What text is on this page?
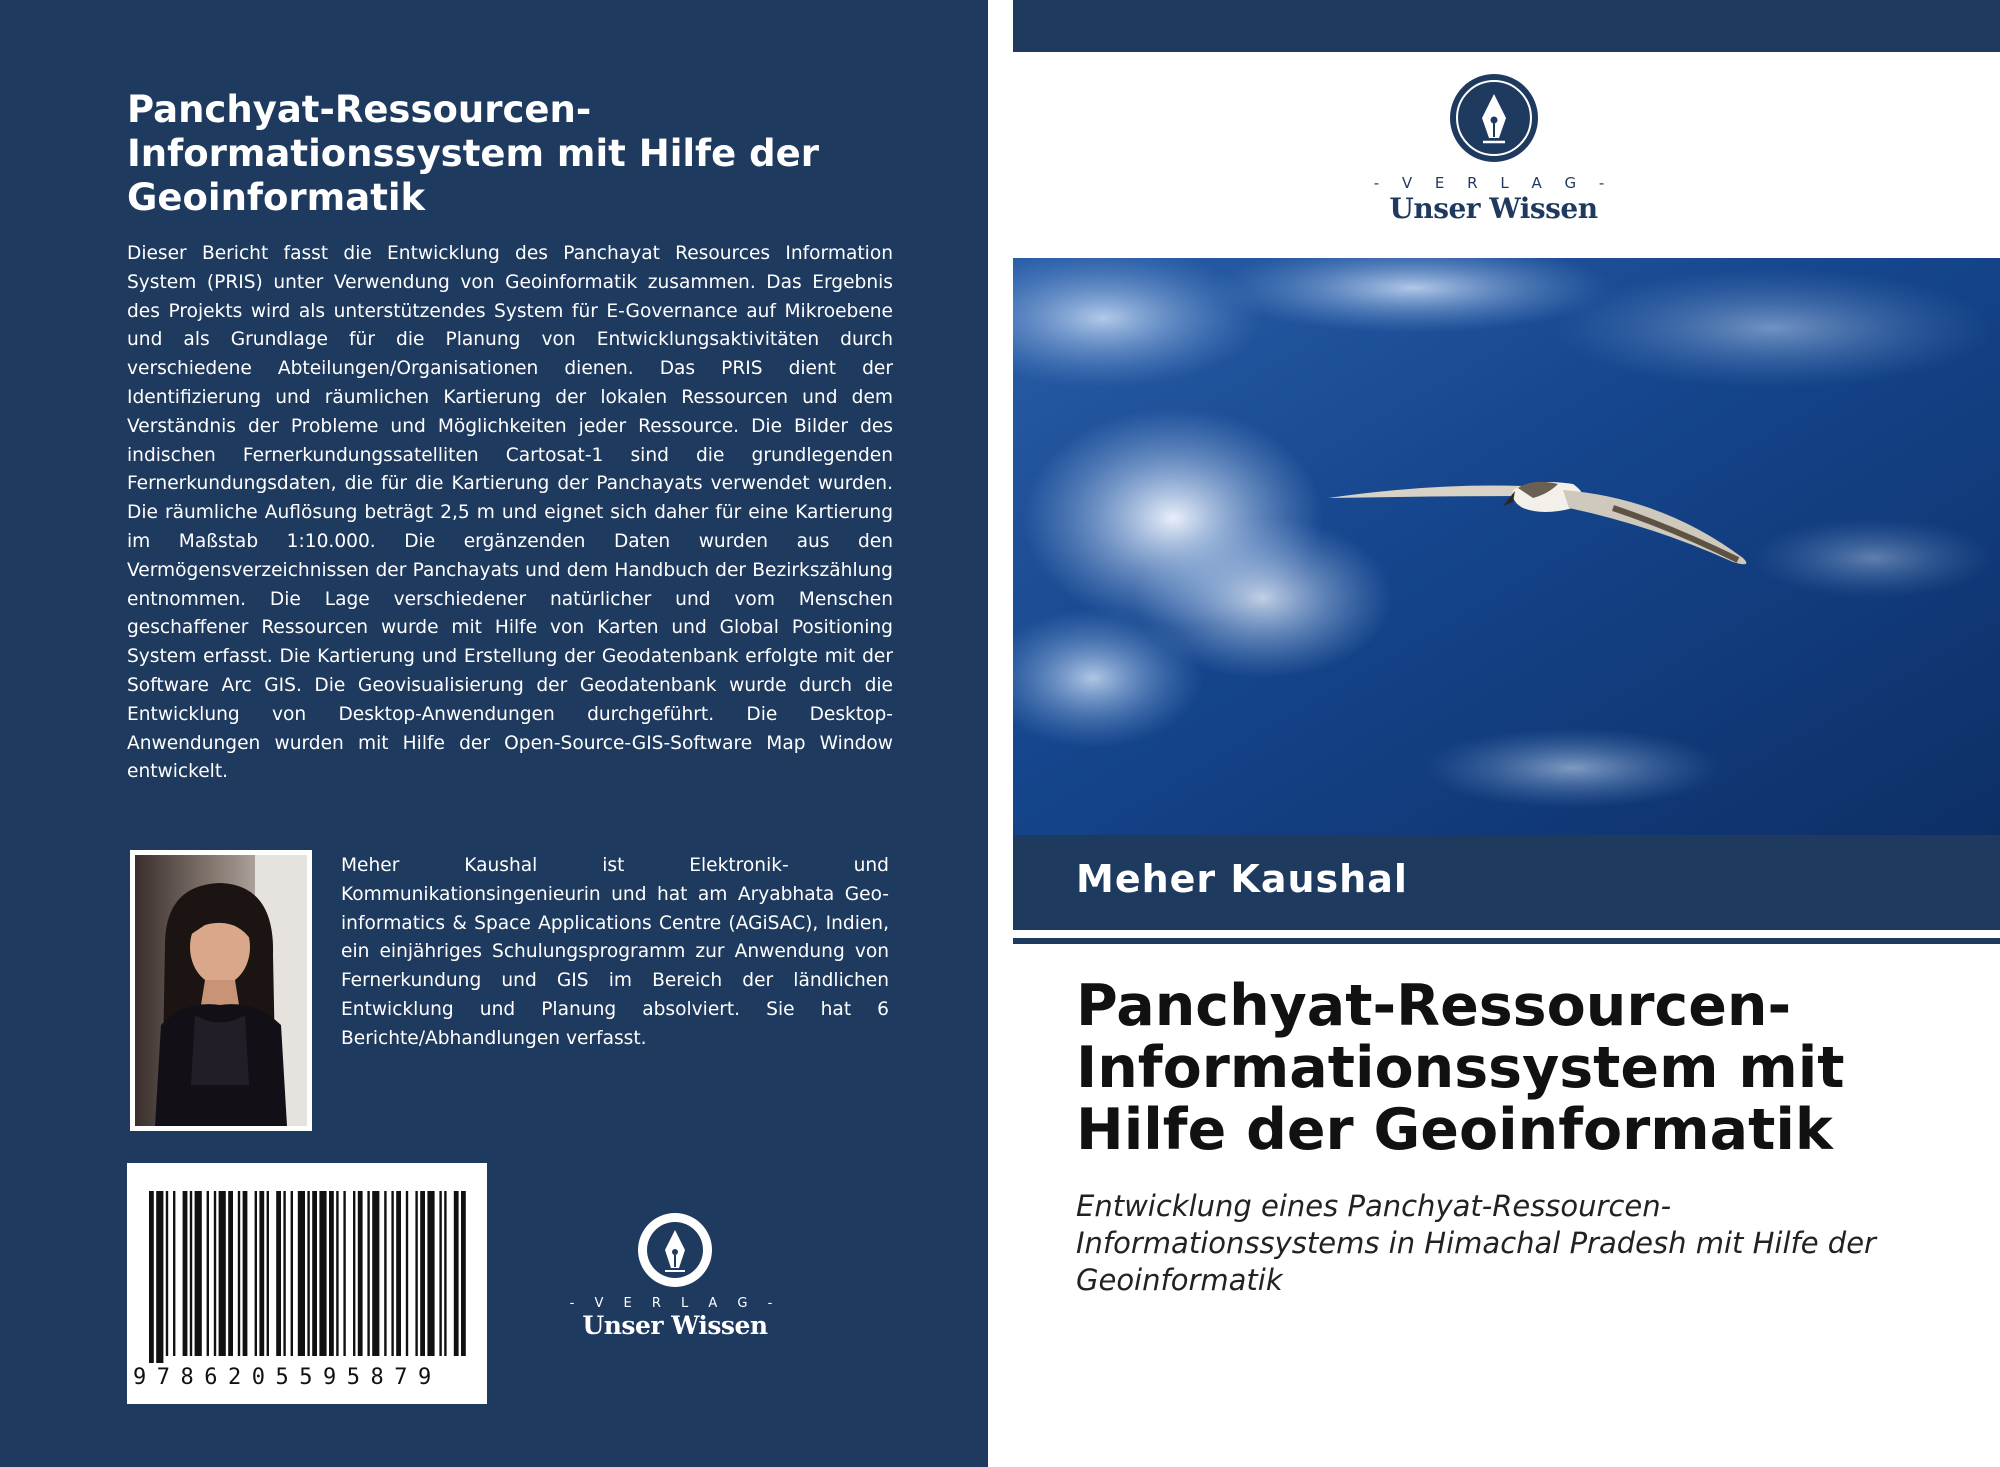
Panchyat-Ressourcen-Informationssystem mit Hilfe der Geoinformatik

Dieser Bericht fasst die Entwicklung des Panchayat Resources Information System (PRIS) unter Verwendung von Geoinformatik zusammen. Das Ergebnis des Projekts wird als unterstützendes System für E-Governance auf Mikroebene und als Grundlage für die Planung von Entwicklungsaktivitäten durch verschiedene Abteilungen/Organisationen dienen. Das PRIS dient der Identifizierung und räumlichen Kartierung der lokalen Ressourcen und dem Verständnis der Probleme und Möglichkeiten jeder Ressource. Die Bilder des indischen Fernerkundungssatelliten Cartosat-1 sind die grundlegenden Fernerkundungsdaten, die für die Kartierung der Panchayats verwendet wurden. Die räumliche Auflösung beträgt 2,5 m und eignet sich daher für eine Kartierung im Maßstab 1:10.000. Die ergänzenden Daten wurden aus den Vermögensverzeichnissen der Panchayats und dem Handbuch der Bezirkszählung entnommen. Die Lage verschiedener natürlicher und vom Menschen geschaffener Ressourcen wurde mit Hilfe von Karten und Global Positioning System erfasst. Die Kartierung und Erstellung der Geodatenbank erfolgte mit der Software Arc GIS. Die Geovisualisierung der Geodatenbank wurde durch die Entwicklung von Desktop-Anwendungen durchgeführt. Die Desktop-Anwendungen wurden mit Hilfe der Open-Source-GIS-Software Map Window entwickelt.

Meher Kaushal ist Elektronik- und Kommunikationsingenieurin und hat am Aryabhata Geo-informatics & Space Applications Centre (AGiSAC), Indien, ein einjähriges Schulungsprogramm zur Anwendung von Fernerkundung und GIS im Bereich der ländlichen Entwicklung und Planung absolviert. Sie hat 6 Berichte/Abhandlungen verfasst.

9786205595879
- V E R L A G -
Unser Wissen
- V E R L A G -
Unser Wissen
Meher Kaushal
Panchyat-Ressourcen-Informationssystem mit Hilfe der Geoinformatik

Entwicklung eines Panchyat-Ressourcen-Informationssystems in Himachal Pradesh mit Hilfe der Geoinformatik
